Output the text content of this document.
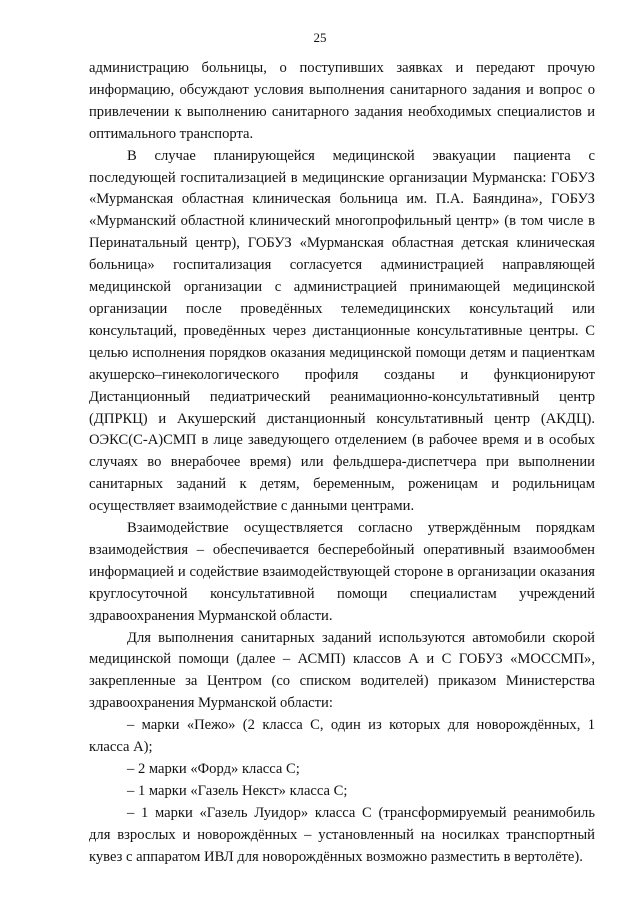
25

администрацию больницы, о поступивших заявках и передают прочую информацию, обсуждают условия выполнения санитарного задания и вопрос о привлечении к выполнению санитарного задания необходимых специалистов и оптимального транспорта.

В случае планирующейся медицинской эвакуации пациента с последующей госпитализацией в медицинские организации Мурманска: ГОБУЗ «Мурманская областная клиническая больница им. П.А. Баяндина», ГОБУЗ «Мурманский областной клинический многопрофильный центр» (в том числе в Перинатальный центр), ГОБУЗ «Мурманская областная детская клиническая больница» госпитализация согласуется администрацией направляющей медицинской организации с администрацией принимающей медицинской организации после проведённых телемедицинских консультаций или консультаций, проведённых через дистанционные консультативные центры. С целью исполнения порядков оказания медицинской помощи детям и пациенткам акушерско–гинекологического профиля созданы и функционируют Дистанционный педиатрический реанимационно-консультативный центр (ДПРКЦ) и Акушерский дистанционный консультативный центр (АКДЦ). ОЭКС(С-А)СМП в лице заведующего отделением (в рабочее время и в особых случаях во внерабочее время) или фельдшера-диспетчера при выполнении санитарных заданий к детям, беременным, роженицам и родильницам осуществляет взаимодействие с данными центрами.

Взаимодействие осуществляется согласно утверждённым порядкам взаимодействия – обеспечивается бесперебойный оперативный взаимообмен информацией и содействие взаимодействующей стороне в организации оказания круглосуточной консультативной помощи специалистам учреждений здравоохранения Мурманской области.

Для выполнения санитарных заданий используются автомобили скорой медицинской помощи (далее – АСМП) классов А и С ГОБУЗ «МОССМП», закрепленные за Центром (со списком водителей) приказом Министерства здравоохранения Мурманской области:

– марки «Пежо» (2 класса С, один из которых для новорождённых, 1 класса А);

– 2 марки «Форд» класса С;

– 1 марки «Газель Некст» класса С;

– 1 марки «Газель Луидор» класса С (трансформируемый реанимобиль для взрослых и новорождённых – установленный на носилках транспортный кувез с аппаратом ИВЛ для новорождённых возможно разместить в вертолёте).
